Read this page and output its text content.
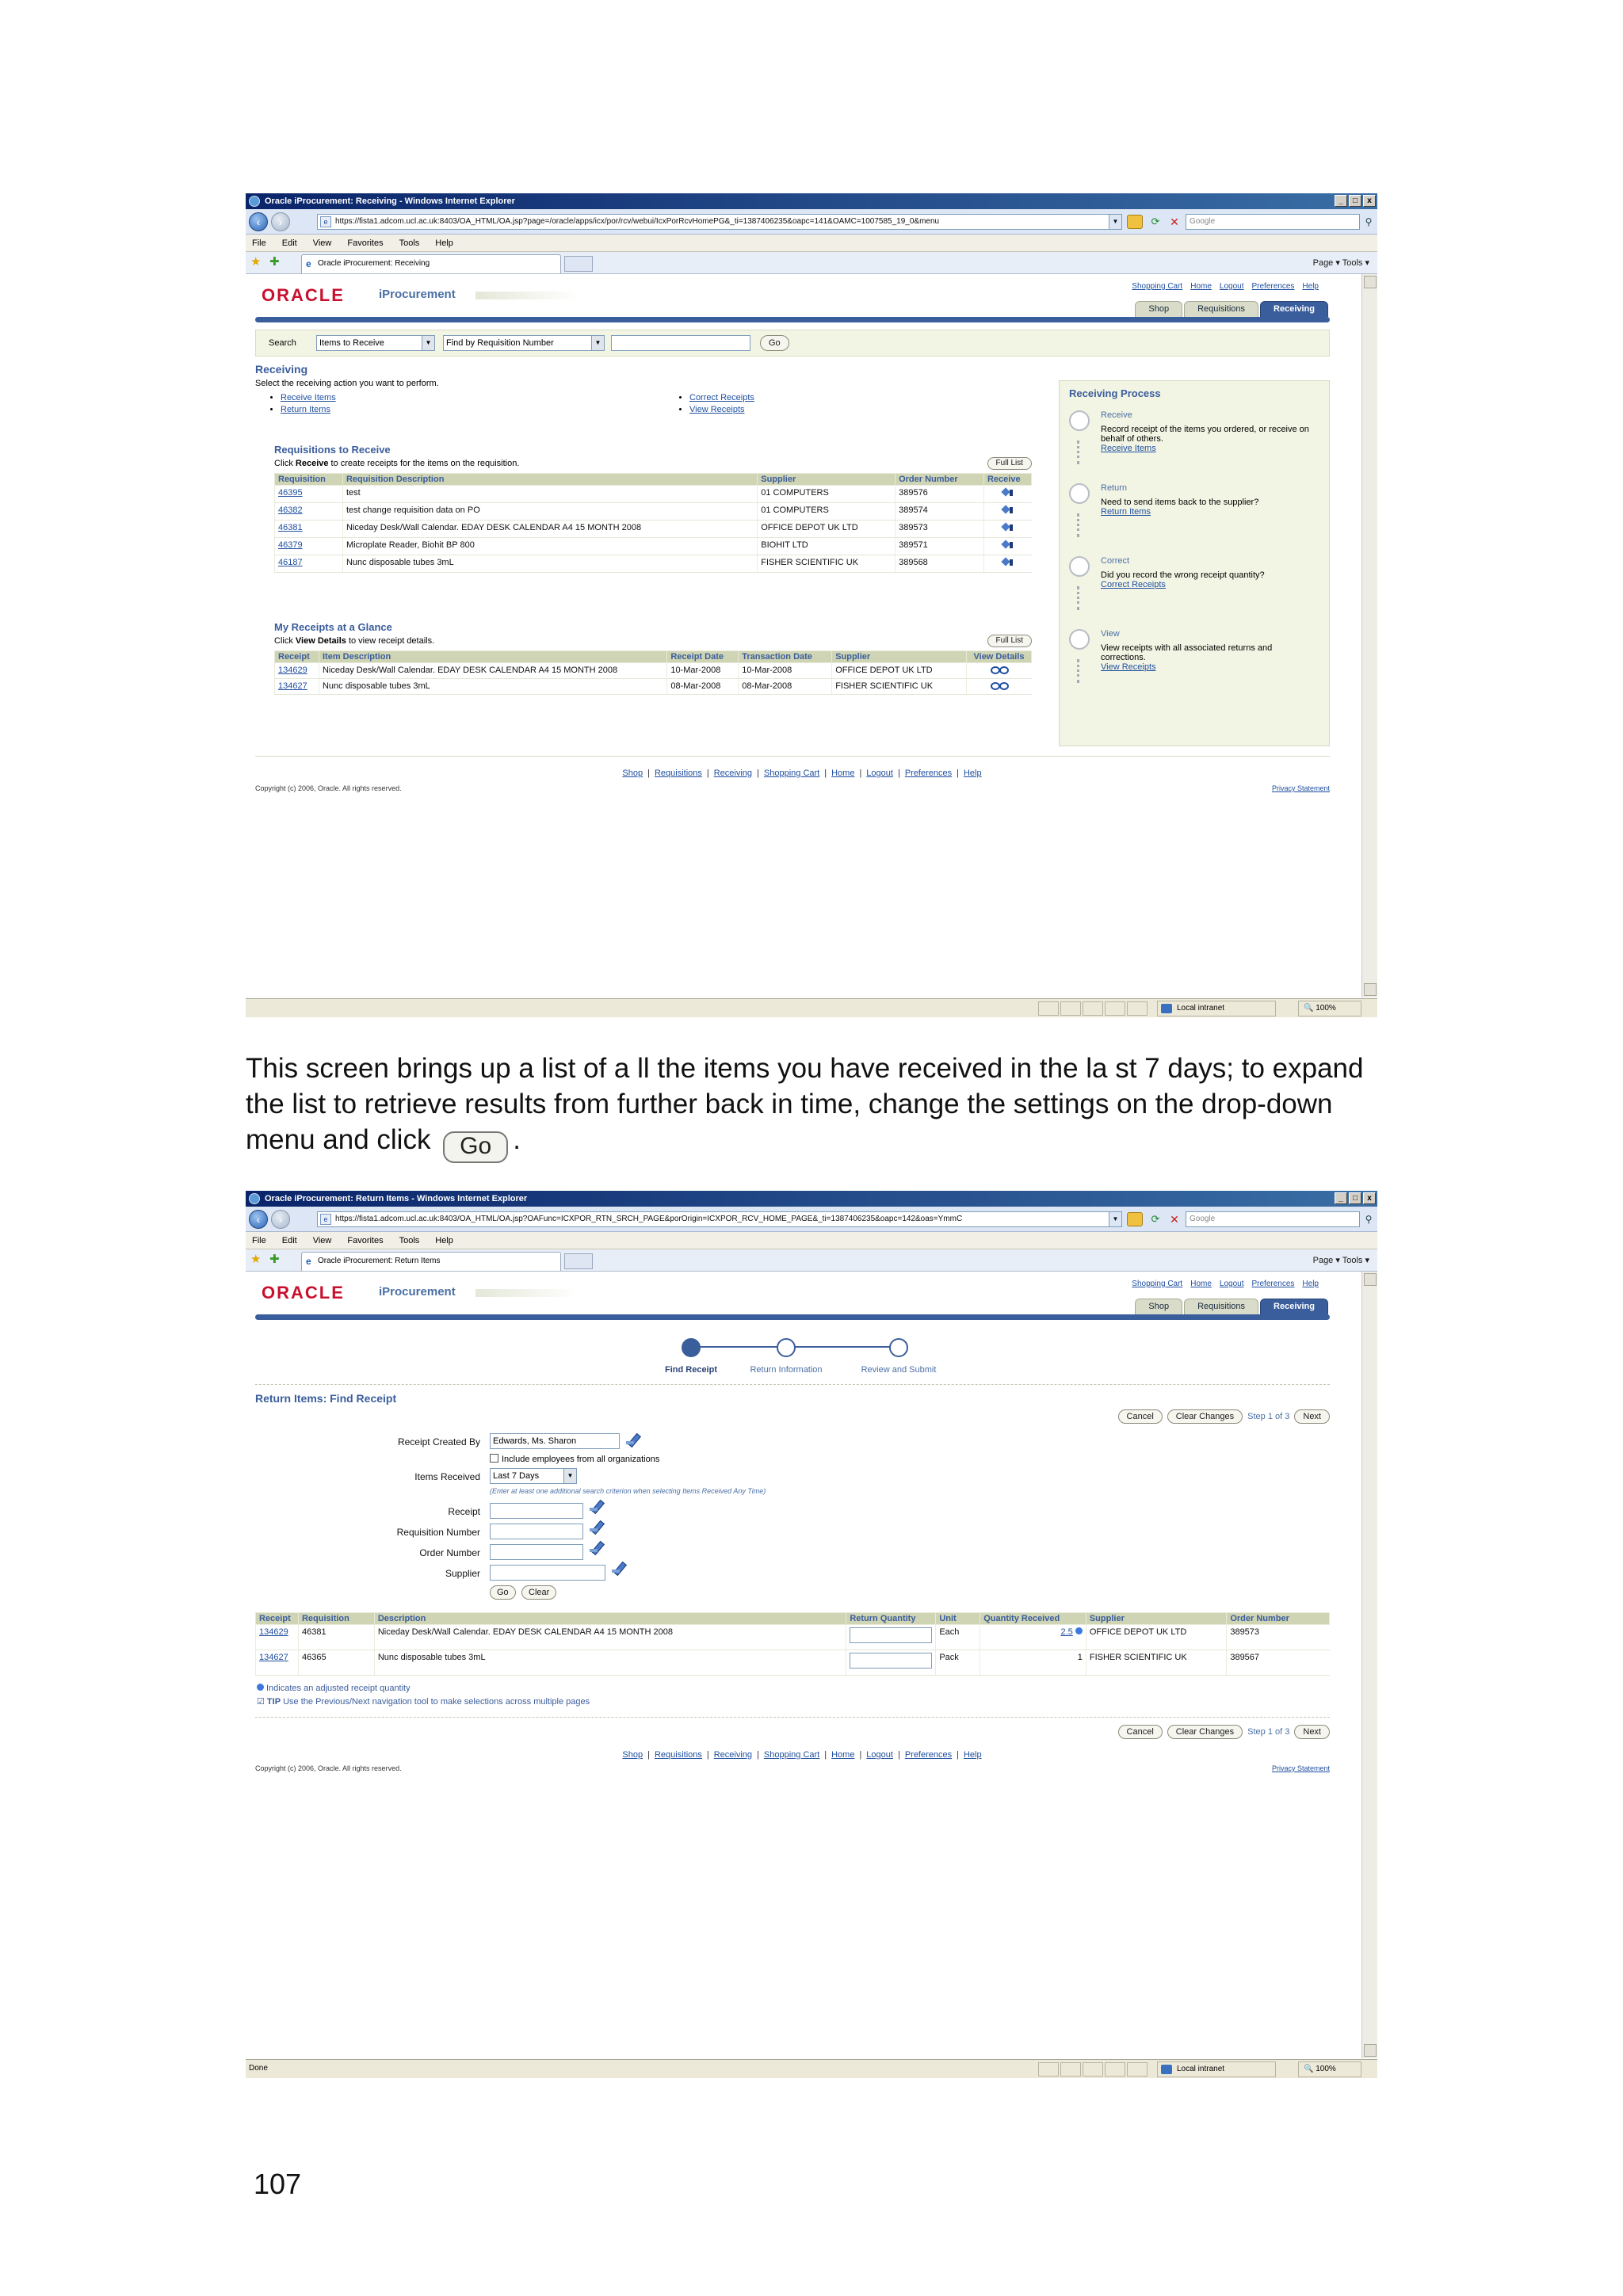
Oracle iProcurement: Receiving - Windows Internet Explorer	_	□	x
‹	›	e https://fista1.adcom.ucl.ac.uk:8403/OA_HTML/OA.jsp?page=/oracle/apps/icx/por/rcv/webui/IcxPorRcvHomePG&_ti=1387406235&oapc=141&OAMC=1007585_19_0&menu	▼	⟳ ✕	Google	⚲
File Edit View Favorites Tools Help
★ ✚	e Oracle iProcurement: Receiving	Page ▾ Tools ▾
ORACLE	iProcurement
Shopping Cart Home Logout Preferences Help
Shop	Requisitions	Receiving
Search	Items to Receive	▼	Find by Requisition Number	▼	Go
Receiving
Select the receiving action you want to perform.
• Receive Items
• Return Items
• Correct Receipts
• View Receipts
Requisitions to Receive
Click Receive to create receipts for the items on the requisition.	Full List
Requisition	Requisition Description	Supplier	Order Number	Receive
46395	test	01 COMPUTERS	389576	
46382	test change requisition data on PO	01 COMPUTERS	389574	
46381	Niceday Desk/Wall Calendar. EDAY DESK CALENDAR A4 15 MONTH 2008	OFFICE DEPOT UK LTD	389573	
46379	Microplate Reader, Biohit BP 800	BIOHIT LTD	389571	
46187	Nunc disposable tubes 3mL	FISHER SCIENTIFIC UK	389568	
My Receipts at a Glance
Click View Details to view receipt details.	Full List
Receipt	Item Description	Receipt Date	Transaction Date	Supplier	View Details
134629	Niceday Desk/Wall Calendar. EDAY DESK CALENDAR A4 15 MONTH 2008	10-Mar-2008	10-Mar-2008	OFFICE DEPOT UK LTD	
134627	Nunc disposable tubes 3mL	08-Mar-2008	08-Mar-2008	FISHER SCIENTIFIC UK	
Receiving Process
Receive
Record receipt of the items you ordered, or receive on behalf of others.
Receive Items
Return
Need to send items back to the supplier?
Return Items
Correct
Did you record the wrong receipt quantity?
Correct Receipts
View
View receipts with all associated returns and corrections.
View Receipts
Shop | Requisitions | Receiving | Shopping Cart | Home | Logout | Preferences | Help
Copyright (c) 2006, Oracle. All rights reserved.	Privacy Statement
Local intranet	🔍 100%
This screen brings up a list of a ll the items you have received in the la st 7 days; to expand the list to retrieve results from further back in time, change the settings on the drop-down menu and click Go .
Oracle iProcurement: Return Items - Windows Internet Explorer	_	□	x
‹	›	e https://fista1.adcom.ucl.ac.uk:8403/OA_HTML/OA.jsp?OAFunc=ICXPOR_RTN_SRCH_PAGE&porOrigin=ICXPOR_RCV_HOME_PAGE&_ti=1387406235&oapc=142&oas=YmmC	▼	⟳ ✕	Google	⚲
File Edit View Favorites Tools Help
★ ✚	e Oracle iProcurement: Return Items	Page ▾ Tools ▾
ORACLE	iProcurement
Shopping Cart Home Logout Preferences Help
Shop	Requisitions	Receiving
Find Receipt	Return Information	Review and Submit
Return Items: Find Receipt
Cancel	Clear Changes	Step 1 of 3	Next
Receipt Created By	Edwards, Ms. Sharon
Include employees from all organizations
Items Received	Last 7 Days	▼
(Enter at least one additional search criterion when selecting Items Received Any Time)
Receipt
Requisition Number
Order Number
Supplier
Go	Clear
Receipt	Requisition	Description	Return Quantity	Unit	Quantity Received	Supplier	Order Number
134629	46381	Niceday Desk/Wall Calendar. EDAY DESK CALENDAR A4 15 MONTH 2008		Each	2.5	OFFICE DEPOT UK LTD	389573
134627	46365	Nunc disposable tubes 3mL		Pack	1	FISHER SCIENTIFIC UK	389567
Indicates an adjusted receipt quantity
☑ TIP Use the Previous/Next navigation tool to make selections across multiple pages
Cancel	Clear Changes	Step 1 of 3	Next
Shop | Requisitions | Receiving | Shopping Cart | Home | Logout | Preferences | Help
Copyright (c) 2006, Oracle. All rights reserved.	Privacy Statement
Done	Local intranet	🔍 100%
107
